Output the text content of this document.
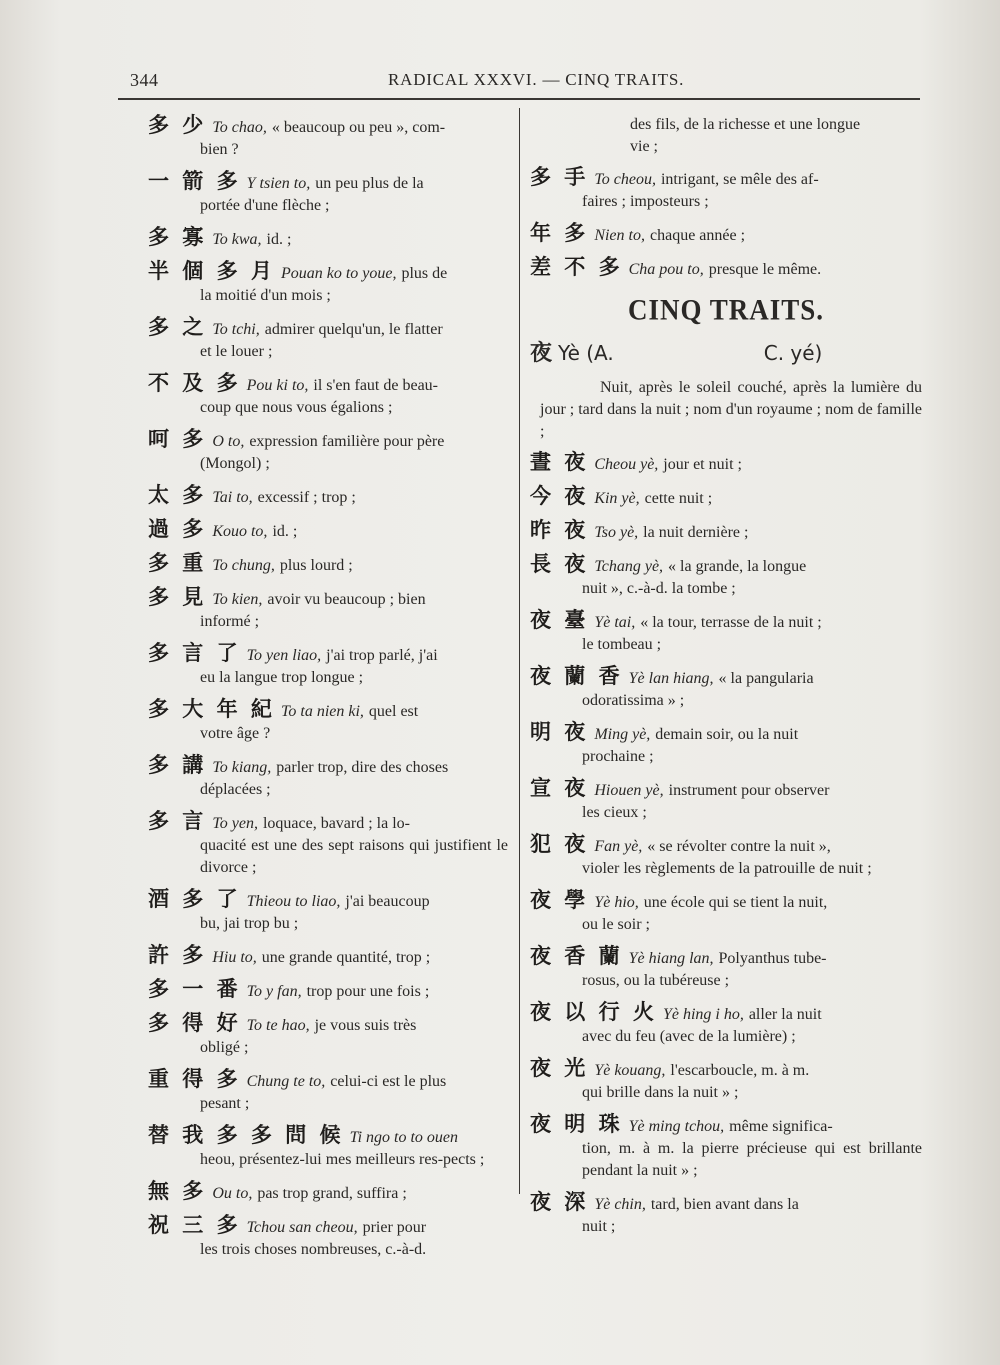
344	RADICAL XXXVI. — CINQ TRAITS.
多 少 To chao, « beaucoup ou peu », com-
bien ?
一 箭 多 Y tsien to, un peu plus de la
portée d'une flèche ;
多 寡 To kwa, id. ;
半 個 多 月 Pouan ko to youe, plus de
la moitié d'un mois ;
多 之 To tchi, admirer quelqu'un, le flatter
et le louer ;
不 及 多 Pou ki to, il s'en faut de beau-
coup que nous vous égalions ;
呵 多 O to, expression familière pour père
(Mongol) ;
太 多 Tai to, excessif ; trop ;
過 多 Kouo to, id. ;
多 重 To chung, plus lourd ;
多 見 To kien, avoir vu beaucoup ; bien
informé ;
多 言 了 To yen liao, j'ai trop parlé, j'ai
eu la langue trop longue ;
多 大 年 紀 To ta nien ki, quel est
votre âge ?
多 講 To kiang, parler trop, dire des choses
déplacées ;
多 言 To yen, loquace, bavard ; la lo-
quacité est une des sept raisons qui justifient le divorce ;
酒 多 了 Thieou to liao, j'ai beaucoup
bu, jai trop bu ;
許 多 Hiu to, une grande quantité, trop ;
多 一 番 To y fan, trop pour une fois ;
多 得 好 To te hao, je vous suis très
obligé ;
重 得 多 Chung te to, celui-ci est le plus
pesant ;
替 我 多 多 問 候 Ti ngo to to ouen
heou, présentez-lui mes meilleurs res-pects ;
無 多 Ou to, pas trop grand, suffira ;
祝 三 多 Tchou san cheou, prier pour
les trois choses nombreuses, c.-à-d.
des fils, de la richesse et une longue
vie ;
多 手 To cheou, intrigant, se mêle des af-
faires ; imposteurs ;
年 多 Nien to, chaque année ;
差 不 多 Cha pou to, presque le même.
CINQ TRAITS.
夜 Yè (A.	C. yé)
Nuit, après le soleil couché, après la lumière du jour ; tard dans la nuit ; nom d'un royaume ; nom de famille ;
晝 夜 Cheou yè, jour et nuit ;
今 夜 Kin yè, cette nuit ;
昨 夜 Tso yè, la nuit dernière ;
長 夜 Tchang yè, « la grande, la longue
nuit », c.-à-d. la tombe ;
夜 臺 Yè tai, « la tour, terrasse de la nuit ;
le tombeau ;
夜 蘭 香 Yè lan hiang, « la pangularia
odoratissima » ;
明 夜 Ming yè, demain soir, ou la nuit
prochaine ;
宣 夜 Hiouen yè, instrument pour observer
les cieux ;
犯 夜 Fan yè, « se révolter contre la nuit »,
violer les règlements de la patrouille de nuit ;
夜 學 Yè hio, une école qui se tient la nuit,
ou le soir ;
夜 香 蘭 Yè hiang lan, Polyanthus tube-
rosus, ou la tubéreuse ;
夜 以 行 火 Yè hing i ho, aller la nuit
avec du feu (avec de la lumière) ;
夜 光 Yè kouang, l'escarboucle, m. à m.
qui brille dans la nuit » ;
夜 明 珠 Yè ming tchou, même significa-
tion, m. à m. la pierre précieuse qui est brillante pendant la nuit » ;
夜 深 Yè chin, tard, bien avant dans la
nuit ;
